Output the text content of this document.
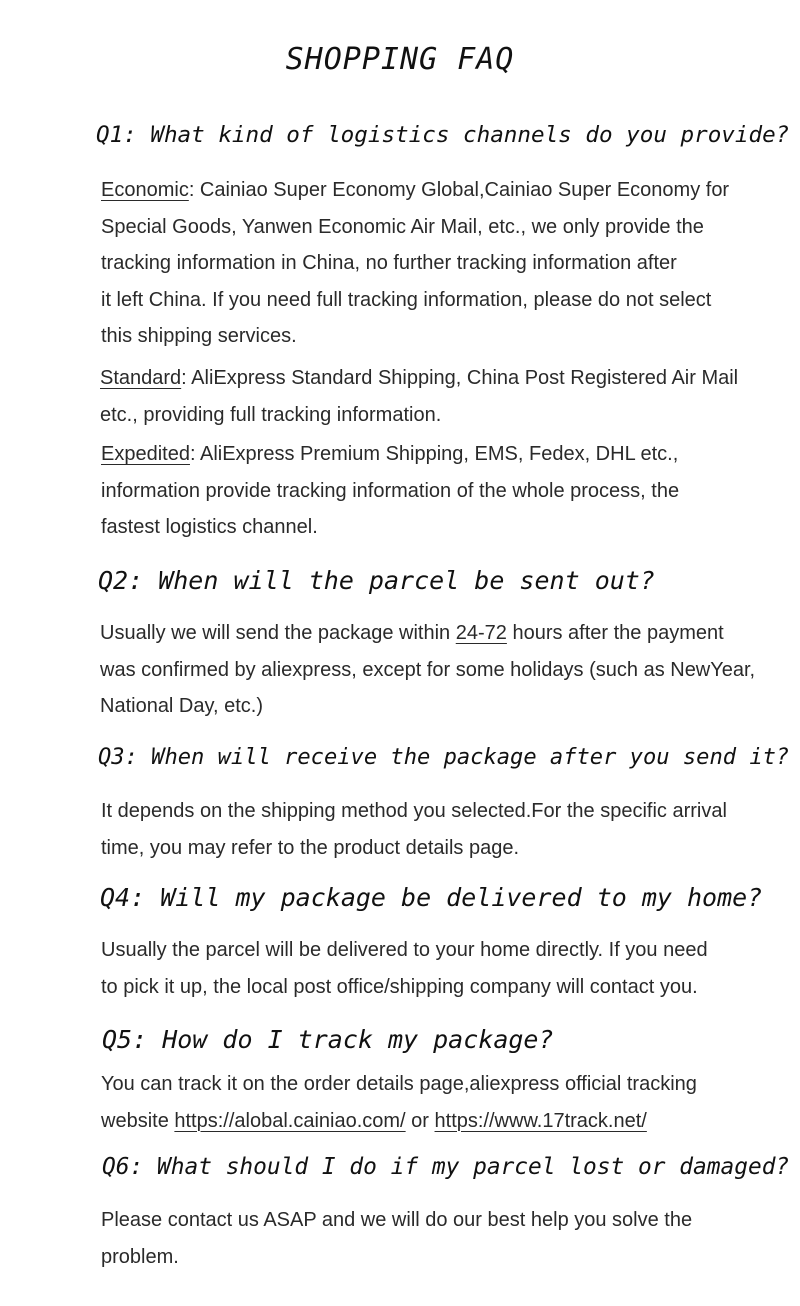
SHOPPING FAQ
Q1: What kind of logistics channels do you provide?
Economic: Cainiao Super Economy Global,Cainiao Super Economy for
Special Goods, Yanwen Economic Air Mail, etc., we only provide the
tracking information in China, no further tracking information after
it left China. If you need full tracking information, please do not select
this shipping services.
Standard: AliExpress Standard Shipping, China Post Registered Air Mail
etc., providing full tracking information.
Expedited: AliExpress Premium Shipping, EMS, Fedex, DHL etc.,
information provide tracking information of the whole process, the
fastest logistics channel.
Q2: When will the parcel be sent out?
Usually we will send the package within 24-72 hours after the payment
was confirmed by aliexpress, except for some holidays (such as NewYear,
National Day, etc.)
Q3: When will receive the package after you send it?
It depends on the shipping method you selected.For the specific arrival
time, you may refer to the product details page.
Q4: Will my package be delivered to my home?
Usually the parcel will be delivered to your home directly. If you need
to pick it up, the local post office/shipping company will contact you.
Q5: How do I track my package?
You can track it on the order details page,aliexpress official tracking
website https://alobal.cainiao.com/ or https://www.17track.net/
Q6: What should I do if my parcel lost or damaged?
Please contact us ASAP and we will do our best help you solve the
problem.
